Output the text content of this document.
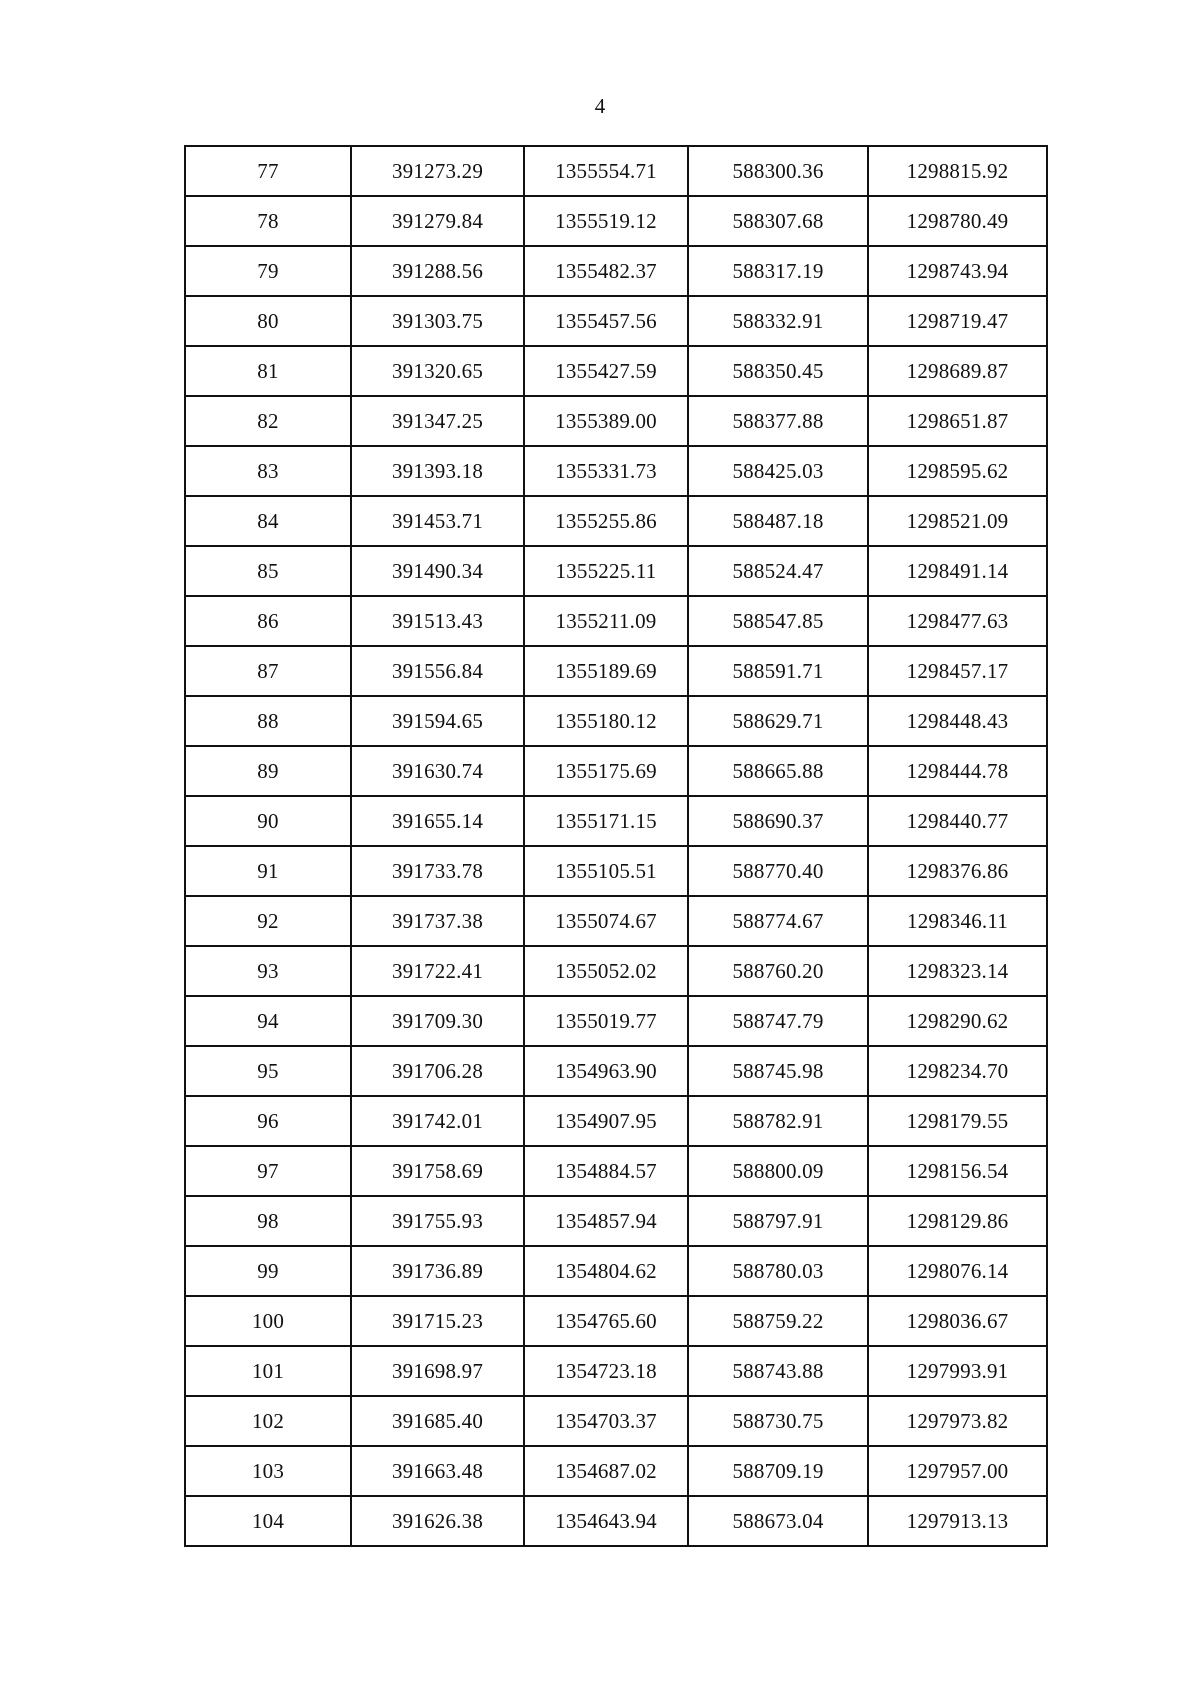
4
77	391273.29	1355554.71	588300.36	1298815.92
78	391279.84	1355519.12	588307.68	1298780.49
79	391288.56	1355482.37	588317.19	1298743.94
80	391303.75	1355457.56	588332.91	1298719.47
81	391320.65	1355427.59	588350.45	1298689.87
82	391347.25	1355389.00	588377.88	1298651.87
83	391393.18	1355331.73	588425.03	1298595.62
84	391453.71	1355255.86	588487.18	1298521.09
85	391490.34	1355225.11	588524.47	1298491.14
86	391513.43	1355211.09	588547.85	1298477.63
87	391556.84	1355189.69	588591.71	1298457.17
88	391594.65	1355180.12	588629.71	1298448.43
89	391630.74	1355175.69	588665.88	1298444.78
90	391655.14	1355171.15	588690.37	1298440.77
91	391733.78	1355105.51	588770.40	1298376.86
92	391737.38	1355074.67	588774.67	1298346.11
93	391722.41	1355052.02	588760.20	1298323.14
94	391709.30	1355019.77	588747.79	1298290.62
95	391706.28	1354963.90	588745.98	1298234.70
96	391742.01	1354907.95	588782.91	1298179.55
97	391758.69	1354884.57	588800.09	1298156.54
98	391755.93	1354857.94	588797.91	1298129.86
99	391736.89	1354804.62	588780.03	1298076.14
100	391715.23	1354765.60	588759.22	1298036.67
101	391698.97	1354723.18	588743.88	1297993.91
102	391685.40	1354703.37	588730.75	1297973.82
103	391663.48	1354687.02	588709.19	1297957.00
104	391626.38	1354643.94	588673.04	1297913.13
